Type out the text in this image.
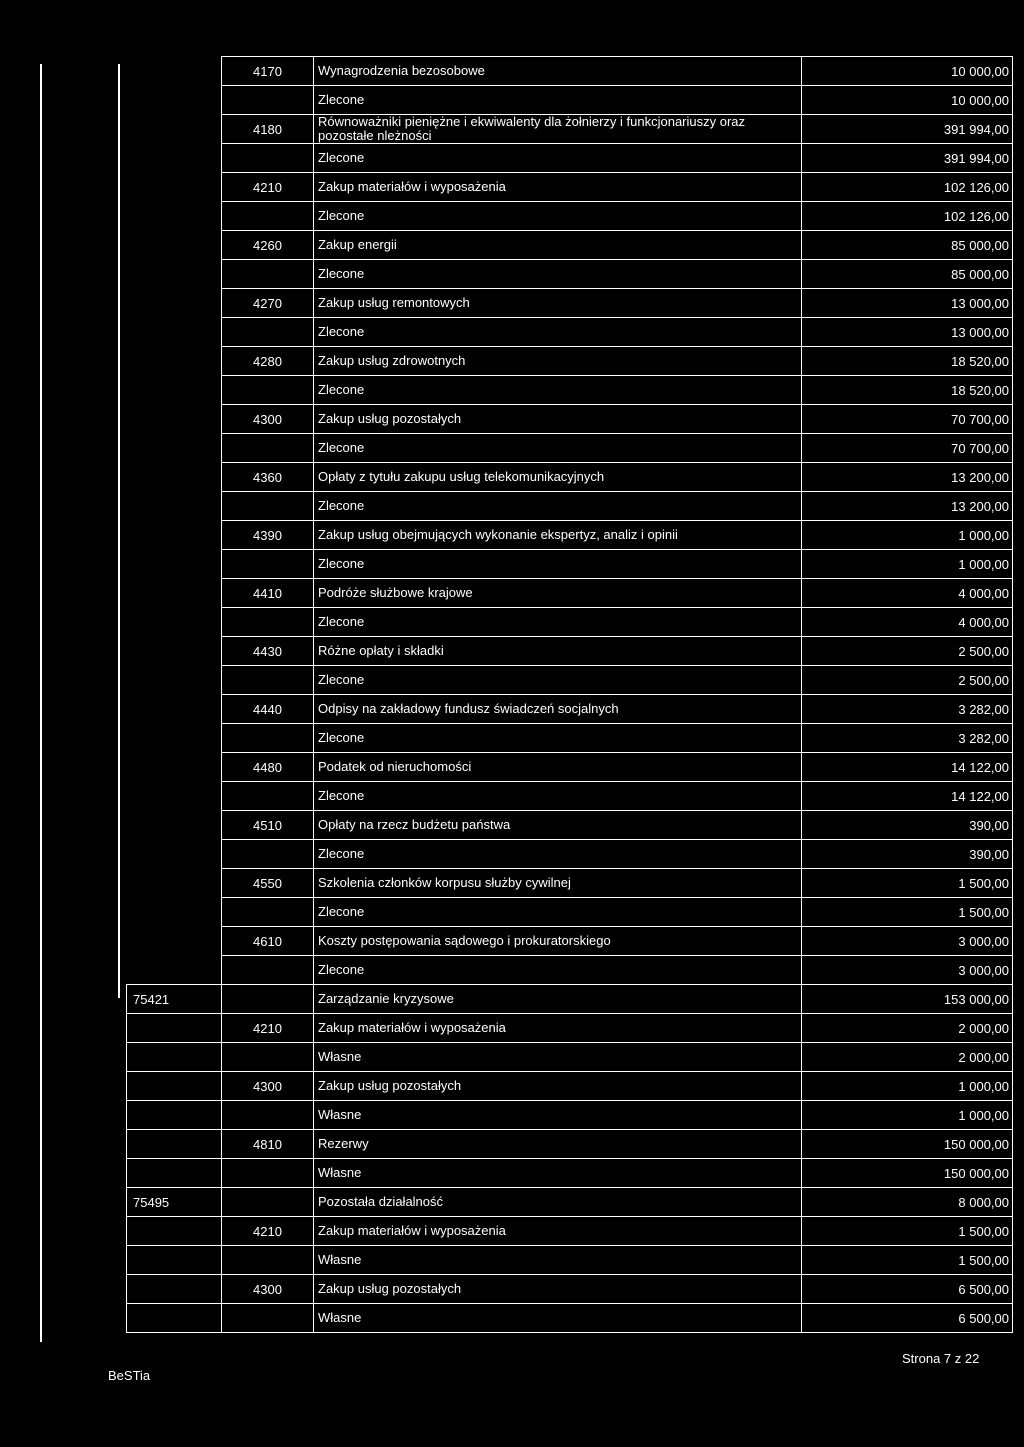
	4170	Wynagrodzenia bezosobowe	10 000,00
		Zlecone	10 000,00
	4180	Równoważniki pieniężne i ekwiwalenty dla żołnierzy i funkcjonariuszy oraz pozostałe nleżności	391 994,00
		Zlecone	391 994,00
	4210	Zakup materiałów i wyposażenia	102 126,00
		Zlecone	102 126,00
	4260	Zakup energii	85 000,00
		Zlecone	85 000,00
	4270	Zakup usług remontowych	13 000,00
		Zlecone	13 000,00
	4280	Zakup usług zdrowotnych	18 520,00
		Zlecone	18 520,00
	4300	Zakup usług pozostałych	70 700,00
		Zlecone	70 700,00
	4360	Opłaty z tytułu zakupu usług telekomunikacyjnych	13 200,00
		Zlecone	13 200,00
	4390	Zakup usług obejmujących wykonanie ekspertyz, analiz i opinii	1 000,00
		Zlecone	1 000,00
	4410	Podróże służbowe krajowe	4 000,00
		Zlecone	4 000,00
	4430	Różne opłaty i składki	2 500,00
		Zlecone	2 500,00
	4440	Odpisy na zakładowy fundusz świadczeń socjalnych	3 282,00
		Zlecone	3 282,00
	4480	Podatek od nieruchomości	14 122,00
		Zlecone	14 122,00
	4510	Opłaty na rzecz budżetu państwa	390,00
		Zlecone	390,00
	4550	Szkolenia członków korpusu służby cywilnej	1 500,00
		Zlecone	1 500,00
	4610	Koszty postępowania sądowego i prokuratorskiego	3 000,00
		Zlecone	3 000,00
75421		Zarządzanie kryzysowe	153 000,00
	4210	Zakup materiałów i wyposażenia	2 000,00
		Własne	2 000,00
	4300	Zakup usług pozostałych	1 000,00
		Własne	1 000,00
	4810	Rezerwy	150 000,00
		Własne	150 000,00
75495		Pozostała działalność	8 000,00
	4210	Zakup materiałów i wyposażenia	1 500,00
		Własne	1 500,00
	4300	Zakup usług pozostałych	6 500,00
		Własne	6 500,00
BeSTia
Strona 7 z 22
